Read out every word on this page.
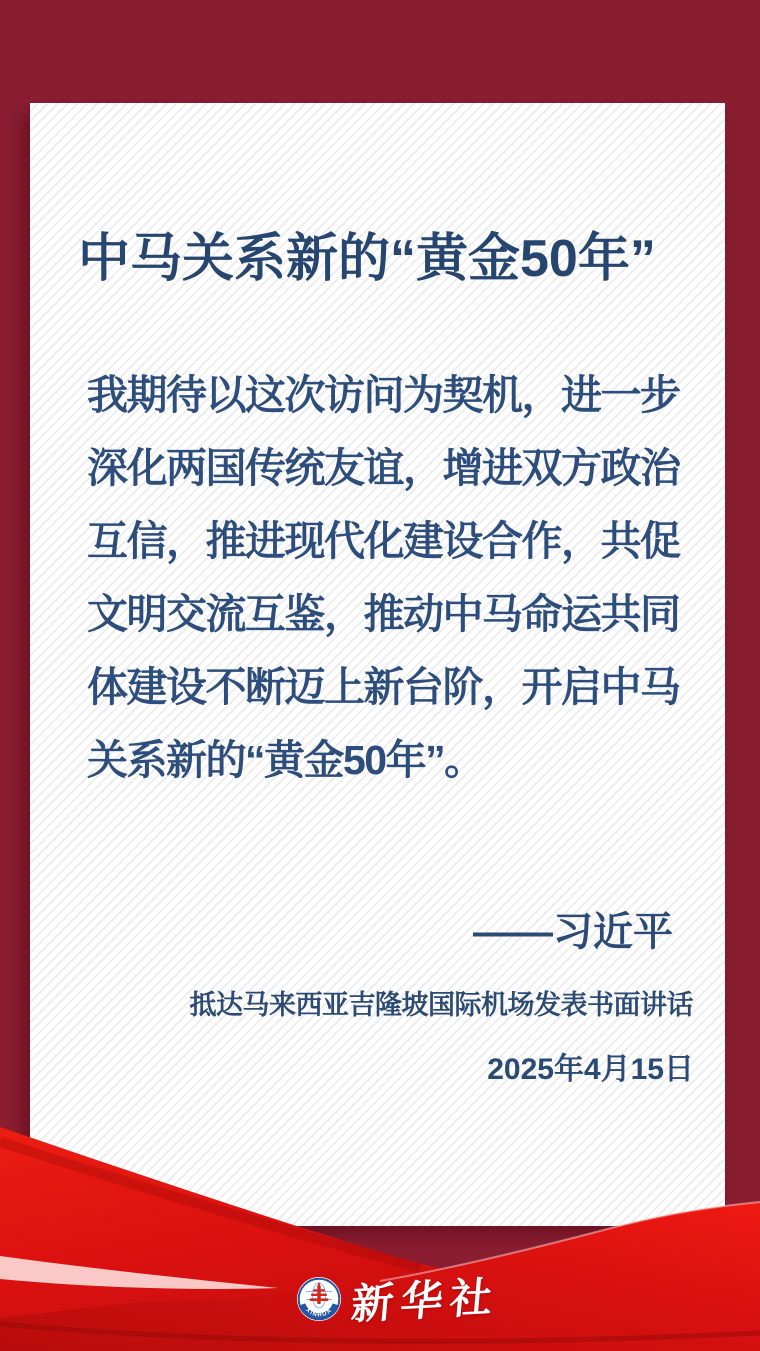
中马关系新的“黄金50年”
我期待以这次访问为契机，进一步
深化两国传统友谊，增进双方政治
互信，推进现代化建设合作，共促
文明交流互鉴，推动中马命运共同
体建设不断迈上新台阶，开启中马
关系新的“黄金50年”。
——习近平
抵达马来西亚吉隆坡国际机场发表书面讲话
2025年4月15日
XINHUA 新华社
